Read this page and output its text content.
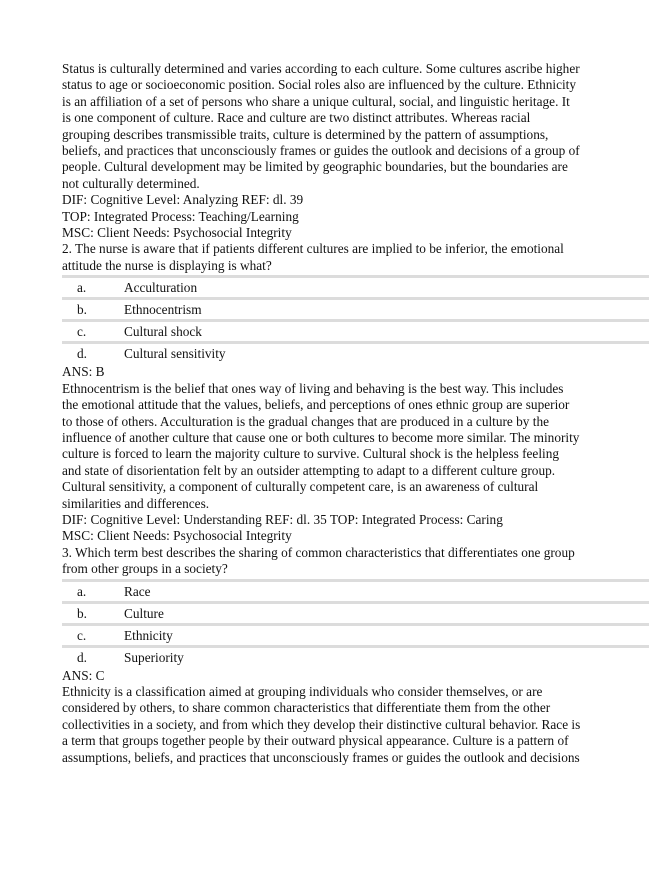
Status is culturally determined and varies according to each culture. Some cultures ascribe higher
status to age or socioeconomic position. Social roles also are influenced by the culture. Ethnicity
is an affiliation of a set of persons who share a unique cultural, social, and linguistic heritage. It
is one component of culture. Race and culture are two distinct attributes. Whereas racial
grouping describes transmissible traits, culture is determined by the pattern of assumptions,
beliefs, and practices that unconsciously frames or guides the outlook and decisions of a group of
people. Cultural development may be limited by geographic boundaries, but the boundaries are
not culturally determined.
DIF: Cognitive Level: Analyzing REF: dl. 39
TOP: Integrated Process: Teaching/Learning
MSC: Client Needs: Psychosocial Integrity
2. The nurse is aware that if patients different cultures are implied to be inferior, the emotional
attitude the nurse is displaying is what?
a.	Acculturation
b.	Ethnocentrism
c.	Cultural shock
d.	Cultural sensitivity
ANS: B
Ethnocentrism is the belief that ones way of living and behaving is the best way. This includes
the emotional attitude that the values, beliefs, and perceptions of ones ethnic group are superior
to those of others. Acculturation is the gradual changes that are produced in a culture by the
influence of another culture that cause one or both cultures to become more similar. The minority
culture is forced to learn the majority culture to survive. Cultural shock is the helpless feeling
and state of disorientation felt by an outsider attempting to adapt to a different culture group.
Cultural sensitivity, a component of culturally competent care, is an awareness of cultural
similarities and differences.
DIF: Cognitive Level: Understanding REF: dl. 35 TOP: Integrated Process: Caring
MSC: Client Needs: Psychosocial Integrity
3. Which term best describes the sharing of common characteristics that differentiates one group
from other groups in a society?
a.	Race
b.	Culture
c.	Ethnicity
d.	Superiority
ANS: C
Ethnicity is a classification aimed at grouping individuals who consider themselves, or are
considered by others, to share common characteristics that differentiate them from the other
collectivities in a society, and from which they develop their distinctive cultural behavior. Race is
a term that groups together people by their outward physical appearance. Culture is a pattern of
assumptions, beliefs, and practices that unconsciously frames or guides the outlook and decisions
